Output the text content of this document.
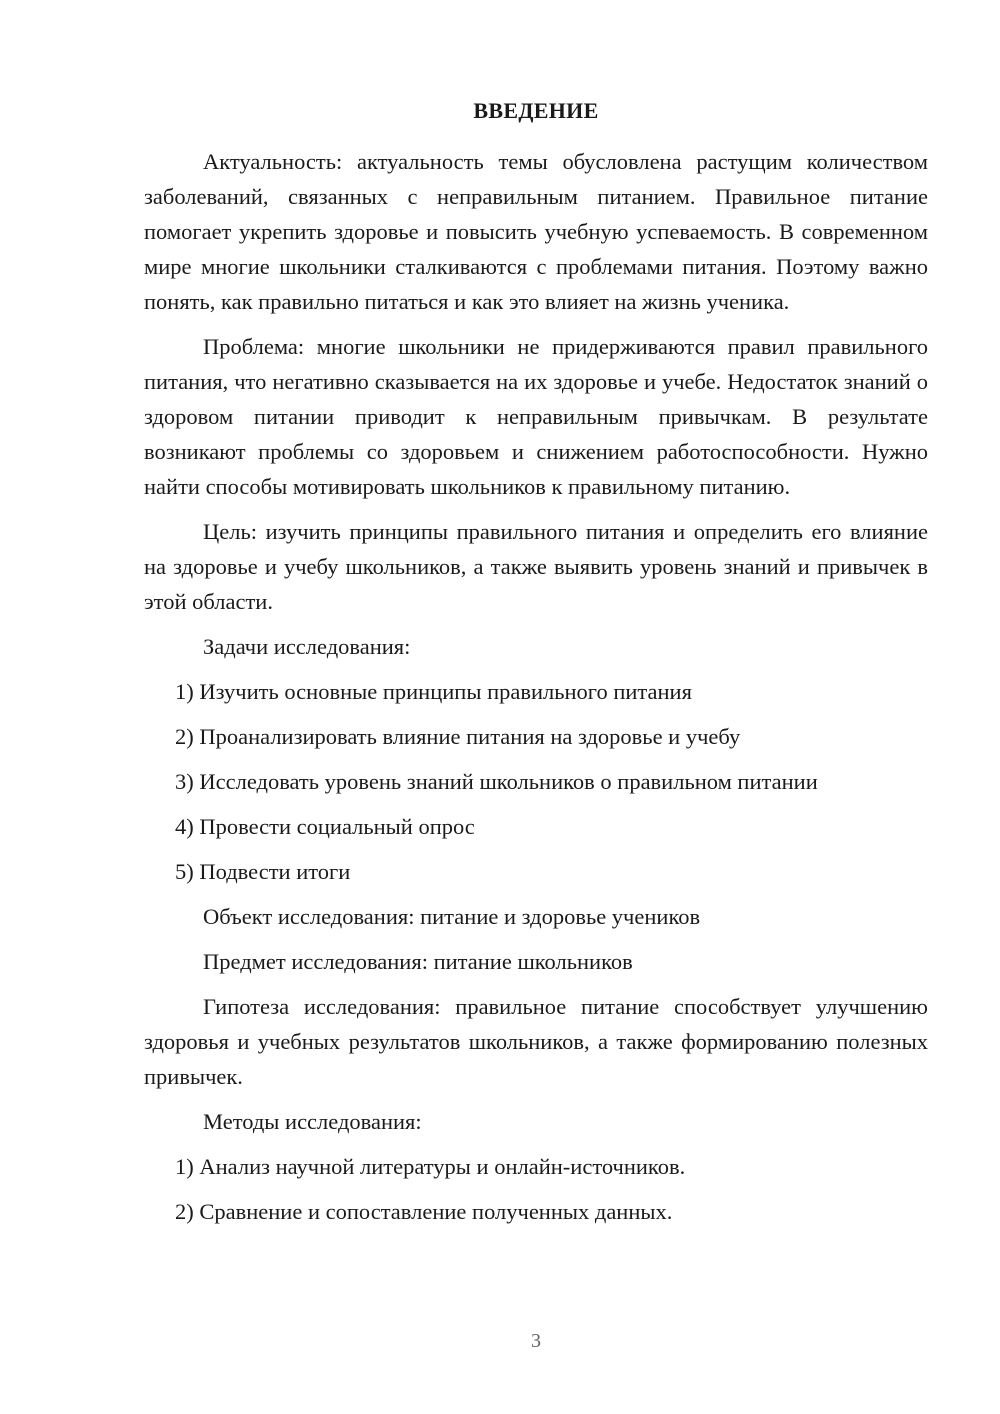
ВВЕДЕНИЕ

Актуальность: актуальность темы обусловлена растущим количеством заболеваний, связанных с неправильным питанием. Правильное питание помогает укрепить здоровье и повысить учебную успеваемость. В современном мире многие школьники сталкиваются с проблемами питания. Поэтому важно понять, как правильно питаться и как это влияет на жизнь ученика.

Проблема: многие школьники не придерживаются правил правильного питания, что негативно сказывается на их здоровье и учебе. Недостаток знаний о здоровом питании приводит к неправильным привычкам. В результате возникают проблемы со здоровьем и снижением работоспособности. Нужно найти способы мотивировать школьников к правильному питанию.

Цель: изучить принципы правильного питания и определить его влияние на здоровье и учебу школьников, а также выявить уровень знаний и привычек в этой области.

Задачи исследования:
1) Изучить основные принципы правильного питания
2) Проанализировать влияние питания на здоровье и учебу
3) Исследовать уровень знаний школьников о правильном питании
4) Провести социальный опрос
5) Подвести итоги
Объект исследования: питание и здоровье учеников
Предмет исследования: питание школьников

Гипотеза исследования: правильное питание способствует улучшению здоровья и учебных результатов школьников, а также формированию полезных привычек.

Методы исследования:
1) Анализ научной литературы и онлайн-источников.
2) Сравнение и сопоставление полученных данных.
3
